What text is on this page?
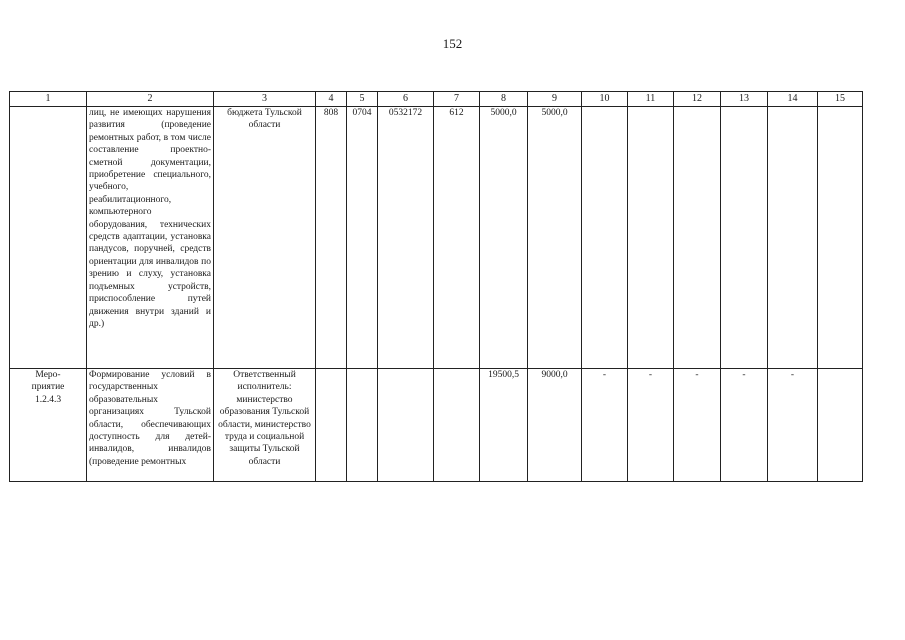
152
1	2	3	4	5	6	7	8	9	10	11	12	13	14	15
	лиц, не имеющих нарушения развития (проведение ремонтных работ, в том числе составление проектно-сметной документации, приобретение специального, учебного, реабилитационного, компьютерного оборудования, технических средств адаптации, установка пандусов, поручней, средств ориентации для инвалидов по зрению и слуху, установка подъемных устройств, приспособление путей движения внутри зданий и др.)	бюджета Тульской области	808	0704	0532172	612	5000,0	5000,0						
Меро-
приятие
1.2.4.3	Формирование условий в государственных образовательных организациях Тульской области, обеспечивающих доступность для детей-инвалидов, инвалидов (проведение ремонтных	Ответственный исполнитель:
министерство образования Тульской области, министерство труда и социальной защиты Тульской области					19500,5	9000,0	-	-	-	-	-	
